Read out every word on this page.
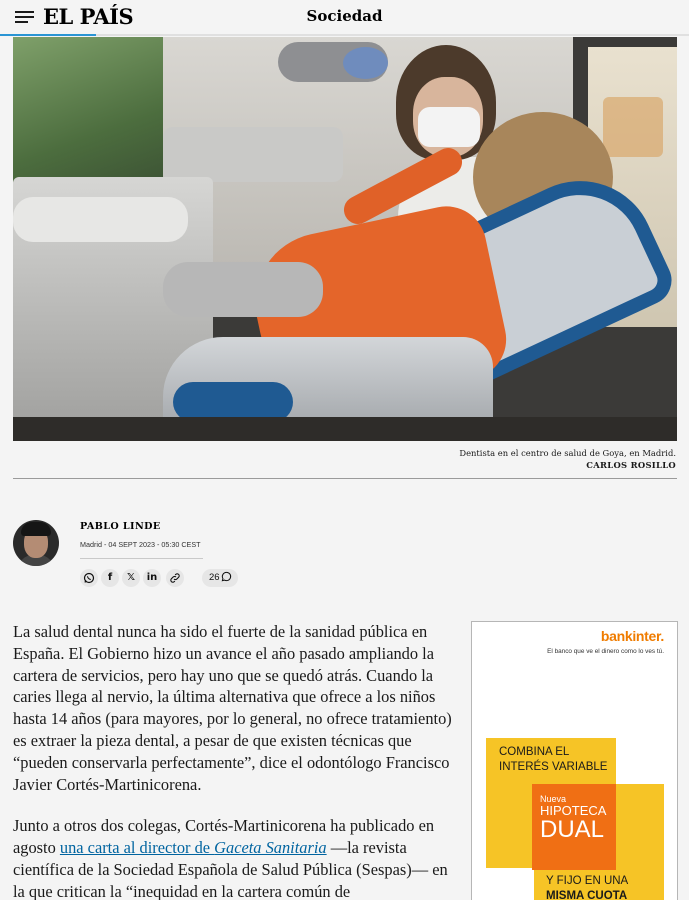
EL PAÍS	Sociedad
Dentista en el centro de salud de Goya, en Madrid.
CARLOS ROSILLO
PABLO LINDE
Madrid - 04 SEPT 2023 - 05:30 CEST
f	𝕏	in	26

La salud dental nunca ha sido el fuerte de la sanidad pública en España. El Gobierno hizo un avance el año pasado ampliando la cartera de servicios, pero hay uno que se quedó atrás. Cuando la caries llega al nervio, la última alternativa que ofrece a los niños hasta 14 años (para mayores, por lo general, no ofrece tratamiento) es extraer la pieza dental, a pesar de que existen técnicas que “pueden conservarla perfectamente”, dice el odontólogo Francisco Javier Cortés-Martinicorena.

Junto a otros dos colegas, Cortés-Martinicorena ha publicado en agosto una carta al director de Gaceta Sanitaria —la revista científica de la Sociedad Española de Salud Pública (Sespas)— en la que critican la “inequidad en la cartera común de

bankinter.
El banco que ve el dinero como lo ves tú.
COMBINA EL
INTERÉS VARIABLE
Nueva
HIPOTECA
DUAL
Y FIJO EN UNA
MISMA CUOTA
